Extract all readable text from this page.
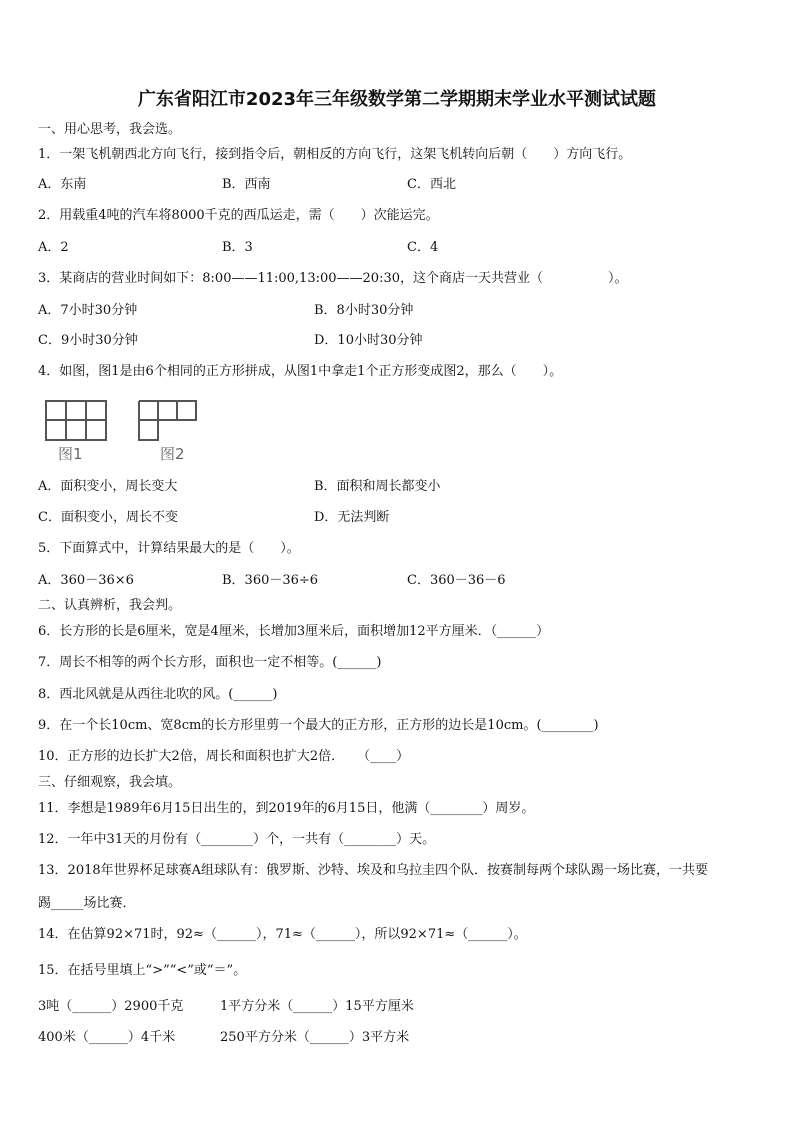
广东省阳江市2023年三年级数学第二学期期末学业水平测试试题
一、用心思考，我会选。
1．一架飞机朝西北方向飞行，接到指令后，朝相反的方向飞行，这架飞机转向后朝（　　）方向飞行。
A．东南	B．西南	C．西北
2．用载重4吨的汽车将8000千克的西瓜运走，需（　　）次能运完。
A．2	B．3	C．4
3．某商店的营业时间如下：8:00——11:00,13:00——20:30，这个商店一天共营业（　　　　　）。
A．7小时30分钟	B．8小时30分钟
C．9小时30分钟	D．10小时30分钟
4．如图，图1是由6个相同的正方形拼成，从图1中拿走1个正方形变成图2，那么（　　）。
图1	图2
A．面积变小，周长变大	B．面积和周长都变小
C．面积变小，周长不变	D．无法判断
5．下面算式中，计算结果最大的是（　　）。
A．360－36×6	B．360－36÷6	C．360－36－6
二、认真辨析，我会判。
6．长方形的长是6厘米，宽是4厘米，长增加3厘米后，面积增加12平方厘米．（______）
7．周长不相等的两个长方形，面积也一定不相等。(______)
8．西北风就是从西往北吹的风。(______)
9．在一个长10cm、宽8cm的长方形里剪一个最大的正方形，正方形的边长是10cm。(________)
10．正方形的边长扩大2倍，周长和面积也扩大2倍．　　（____）
三、仔细观察，我会填。
11．李想是1989年6月15日出生的，到2019年的6月15日，他满（________）周岁。
12．一年中31天的月份有（________）个，一共有（________）天。
13．2018年世界杯足球赛A组球队有：俄罗斯、沙特、埃及和乌拉圭四个队．按赛制每两个球队踢一场比赛，一共要
踢_____场比赛．
14．在估算92×71时，92≈（______），71≈（______），所以92×71≈（______）。
15．在括号里填上“>”“<”或“＝”。
3吨（______）2900千克	1平方分米（______）15平方厘米
400米（______）4千米	250平方分米（______）3平方米
